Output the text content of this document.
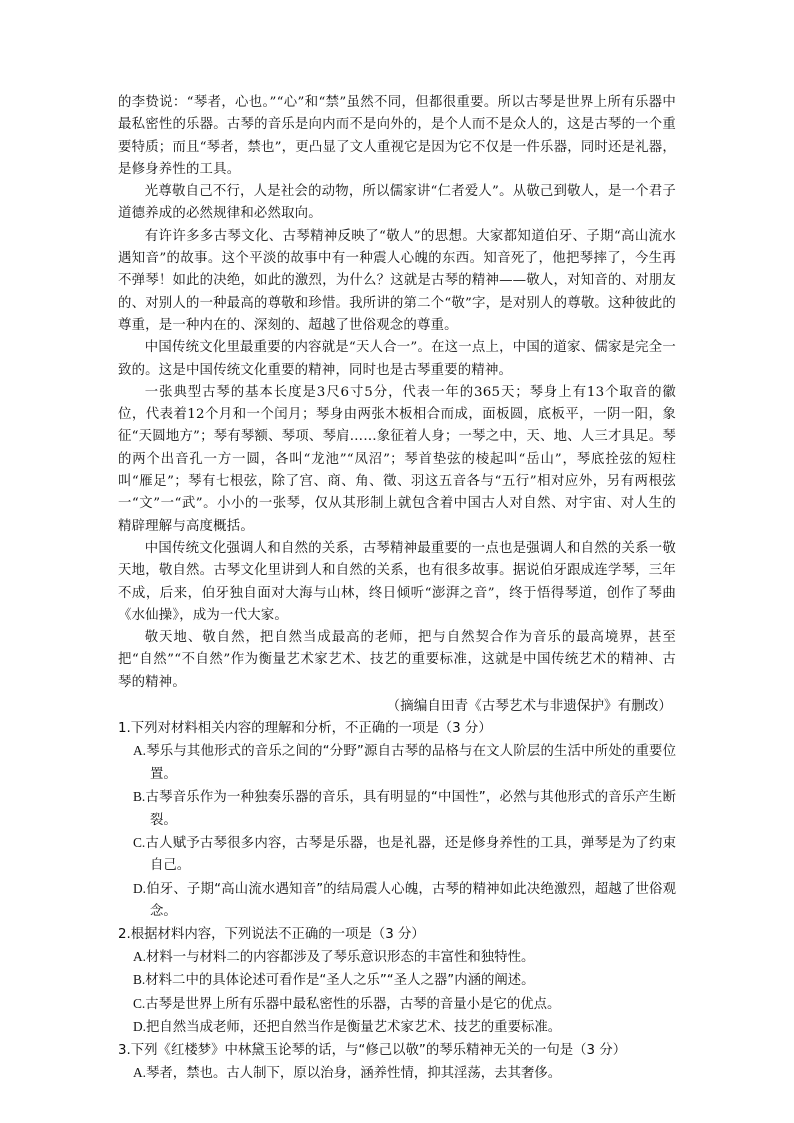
的李贽说：“琴者，心也。”“心”和“禁”虽然不同，但都很重要。所以古琴是世界上所有乐器中最私密性的乐器。古琴的音乐是向内而不是向外的，是个人而不是众人的，这是古琴的一个重要特质；而且“琴者，禁也”，更凸显了文人重视它是因为它不仅是一件乐器，同时还是礼器，是修身养性的工具。

光尊敬自己不行，人是社会的动物，所以儒家讲“仁者爱人”。从敬己到敬人，是一个君子道德养成的必然规律和必然取向。

有许许多多古琴文化、古琴精神反映了“敬人”的思想。大家都知道伯牙、子期“高山流水遇知音”的故事。这个平淡的故事中有一种震人心魄的东西。知音死了，他把琴摔了，今生再不弹琴！如此的决绝，如此的激烈，为什么？这就是古琴的精神——敬人，对知音的、对朋友的、对别人的一种最高的尊敬和珍惜。我所讲的第二个“敬”字，是对别人的尊敬。这种彼此的尊重，是一种内在的、深刻的、超越了世俗观念的尊重。

中国传统文化里最重要的内容就是“天人合一”。在这一点上，中国的道家、儒家是完全一致的。这是中国传统文化重要的精神，同时也是古琴重要的精神。

一张典型古琴的基本长度是3尺6寸5分，代表一年的365天；琴身上有13个取音的徽位，代表着12个月和一个闰月；琴身由两张木板相合而成，面板圆，底板平，一阴一阳，象征“天圆地方”；琴有琴额、琴项、琴肩……象征着人身；一琴之中，天、地、人三才具足。琴的两个出音孔一方一圆，各叫“龙池”“凤沼”；琴首垫弦的棱起叫“岳山”，琴底拴弦的短柱叫“雁足”；琴有七根弦，除了宫、商、角、徵、羽这五音各与“五行”相对应外，另有两根弦一“文”一“武”。小小的一张琴，仅从其形制上就包含着中国古人对自然、对宇宙、对人生的精辟理解与高度概括。

中国传统文化强调人和自然的关系，古琴精神最重要的一点也是强调人和自然的关系一敬天地，敬自然。古琴文化里讲到人和自然的关系，也有很多故事。据说伯牙跟成连学琴，三年不成，后来，伯牙独自面对大海与山林，终日倾听“澎湃之音”，终于悟得琴道，创作了琴曲《水仙操》，成为一代大家。

敬天地、敬自然，把自然当成最高的老师，把与自然契合作为音乐的最高境界，甚至把“自然”“不自然”作为衡量艺术家艺术、技艺的重要标准，这就是中国传统艺术的精神、古琴的精神。

（摘编自田青《古琴艺术与非遗保护》有删改）

1.下列对材料相关内容的理解和分析，不正确的一项是（3 分）

A.琴乐与其他形式的音乐之间的“分野”源自古琴的品格与在文人阶层的生活中所处的重要位置。

B.古琴音乐作为一种独奏乐器的音乐，具有明显的“中国性”，必然与其他形式的音乐产生断裂。

C.古人赋予古琴很多内容，古琴是乐器，也是礼器，还是修身养性的工具，弹琴是为了约束自己。

D.伯牙、子期“高山流水遇知音”的结局震人心魄，古琴的精神如此决绝激烈，超越了世俗观念。

2.根据材料内容，下列说法不正确的一项是（3 分）

A.材料一与材料二的内容都涉及了琴乐意识形态的丰富性和独特性。

B.材料二中的具体论述可看作是“圣人之乐”“圣人之器”内涵的阐述。

C.古琴是世界上所有乐器中最私密性的乐器，古琴的音量小是它的优点。

D.把自然当成老师，还把自然当作是衡量艺术家艺术、技艺的重要标准。

3.下列《红楼梦》中林黛玉论琴的话，与“修己以敬”的琴乐精神无关的一句是（3 分）

A.琴者，禁也。古人制下，原以治身，涵养性情，抑其淫荡，去其奢侈。
